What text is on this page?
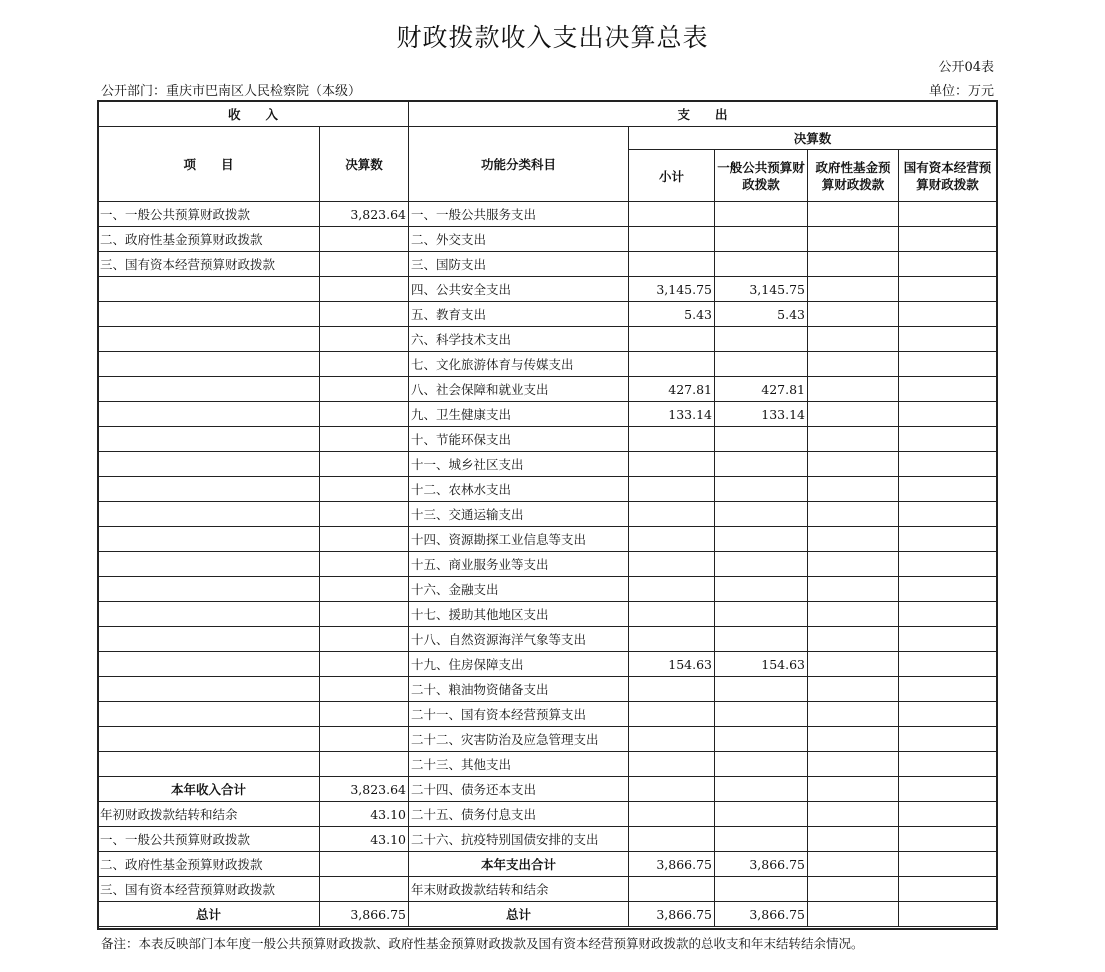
财政拨款收入支出决算总表
公开04表
公开部门：重庆市巴南区人民检察院（本级）	单位：万元
收　　入		支　　出				
项　　目	决算数	功能分类科目	决算数			
			小计	一般公共预算财政拨款	政府性基金预算财政拨款	国有资本经营预算财政拨款
一、一般公共预算财政拨款	3,823.64	一、一般公共服务支出				
二、政府性基金预算财政拨款		二、外交支出				
三、国有资本经营预算财政拨款		三、国防支出				
		四、公共安全支出	3,145.75	3,145.75		
		五、教育支出	5.43	5.43		
		六、科学技术支出				
		七、文化旅游体育与传媒支出				
		八、社会保障和就业支出	427.81	427.81		
		九、卫生健康支出	133.14	133.14		
		十、节能环保支出				
		十一、城乡社区支出				
		十二、农林水支出				
		十三、交通运输支出				
		十四、资源勘探工业信息等支出				
		十五、商业服务业等支出				
		十六、金融支出				
		十七、援助其他地区支出				
		十八、自然资源海洋气象等支出				
		十九、住房保障支出	154.63	154.63		
		二十、粮油物资储备支出				
		二十一、国有资本经营预算支出				
		二十二、灾害防治及应急管理支出				
		二十三、其他支出				
本年收入合计	3,823.64	二十四、债务还本支出				
年初财政拨款结转和结余	43.10	二十五、债务付息支出				
一、一般公共预算财政拨款	43.10	二十六、抗疫特别国债安排的支出				
二、政府性基金预算财政拨款		本年支出合计	3,866.75	3,866.75		
三、国有资本经营预算财政拨款		年末财政拨款结转和结余				
总计	3,866.75	总计	3,866.75	3,866.75		
备注：本表反映部门本年度一般公共预算财政拨款、政府性基金预算财政拨款及国有资本经营预算财政拨款的总收支和年末结转结余情况。
